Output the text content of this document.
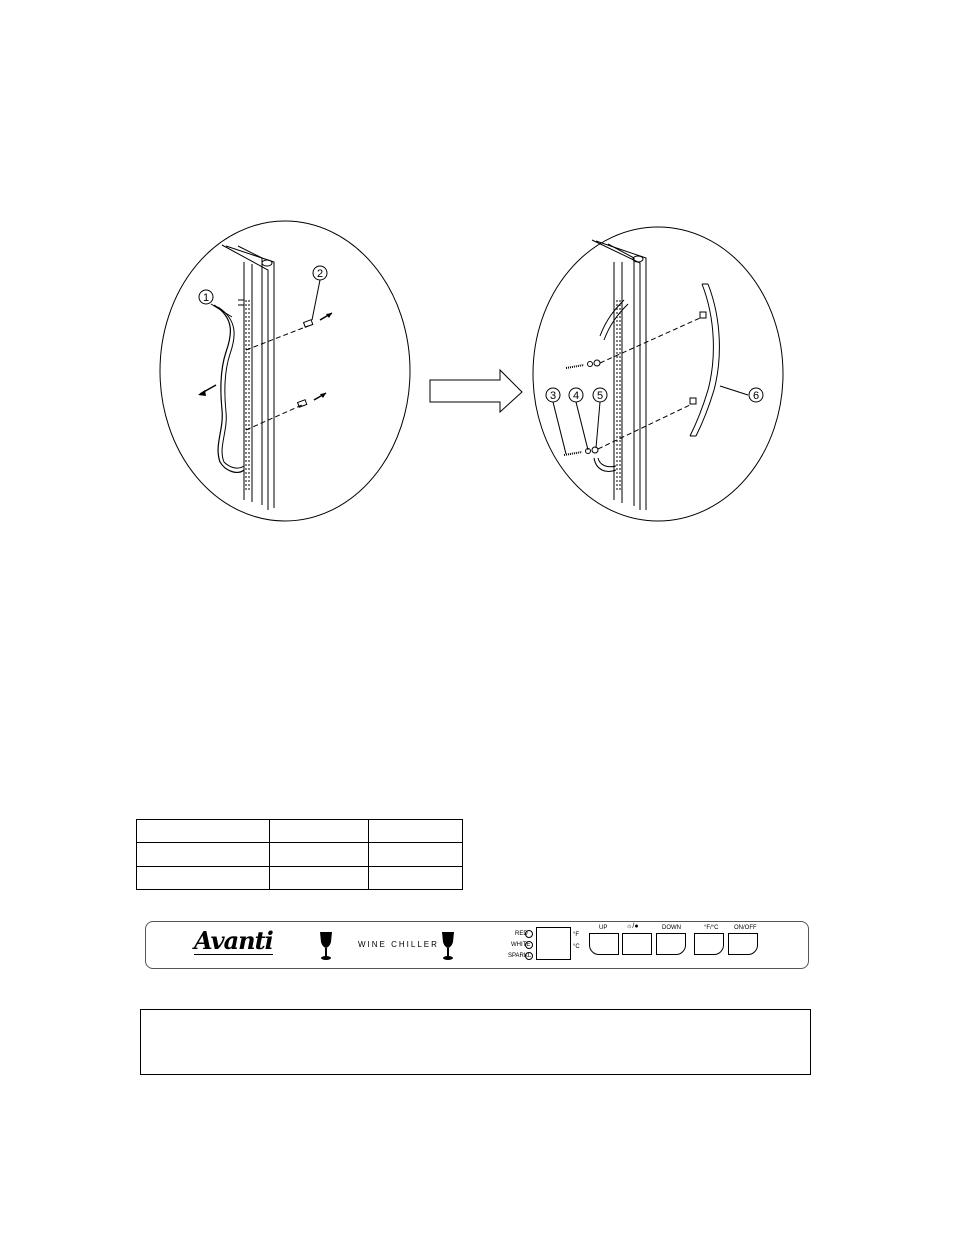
1
2
3 4 5	6

Avanti	WINE CHILLER
RED
WHITE
SPARKL
°F
°C
UP	☼/●	DOWN	°F/°C	ON/OFF
